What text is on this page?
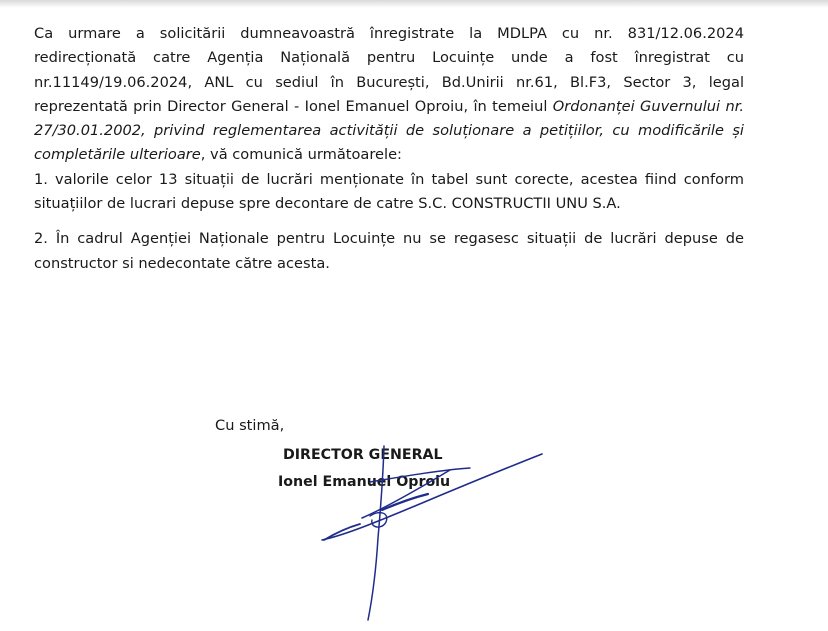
Ca urmare a solicitării dumneavoastră înregistrate la MDLPA cu nr. 831/12.06.2024 redirecționată catre Agenția Națională pentru Locuințe unde a fost înregistrat cu nr.11149/19.06.2024, ANL cu sediul în București, Bd.Unirii nr.61, Bl.F3, Sector 3, legal reprezentată prin Director General - Ionel Emanuel Oproiu, în temeiul Ordonanței Guvernului nr. 27/30.01.2002, privind reglementarea activității de soluționare a petițiilor, cu modificările și completările ulterioare, vă comunică următoarele:

1. valorile celor 13 situații de lucrări menționate în tabel sunt corecte, acestea fiind conform situațiilor de lucrari depuse spre decontare de catre S.C. CONSTRUCTII UNU S.A.

2. În cadrul Agenției Naționale pentru Locuințe nu se regasesc situații de lucrări depuse de constructor si nedecontate către acesta.

Cu stimă,
DIRECTOR GENERAL
Ionel Emanuel Oproiu
